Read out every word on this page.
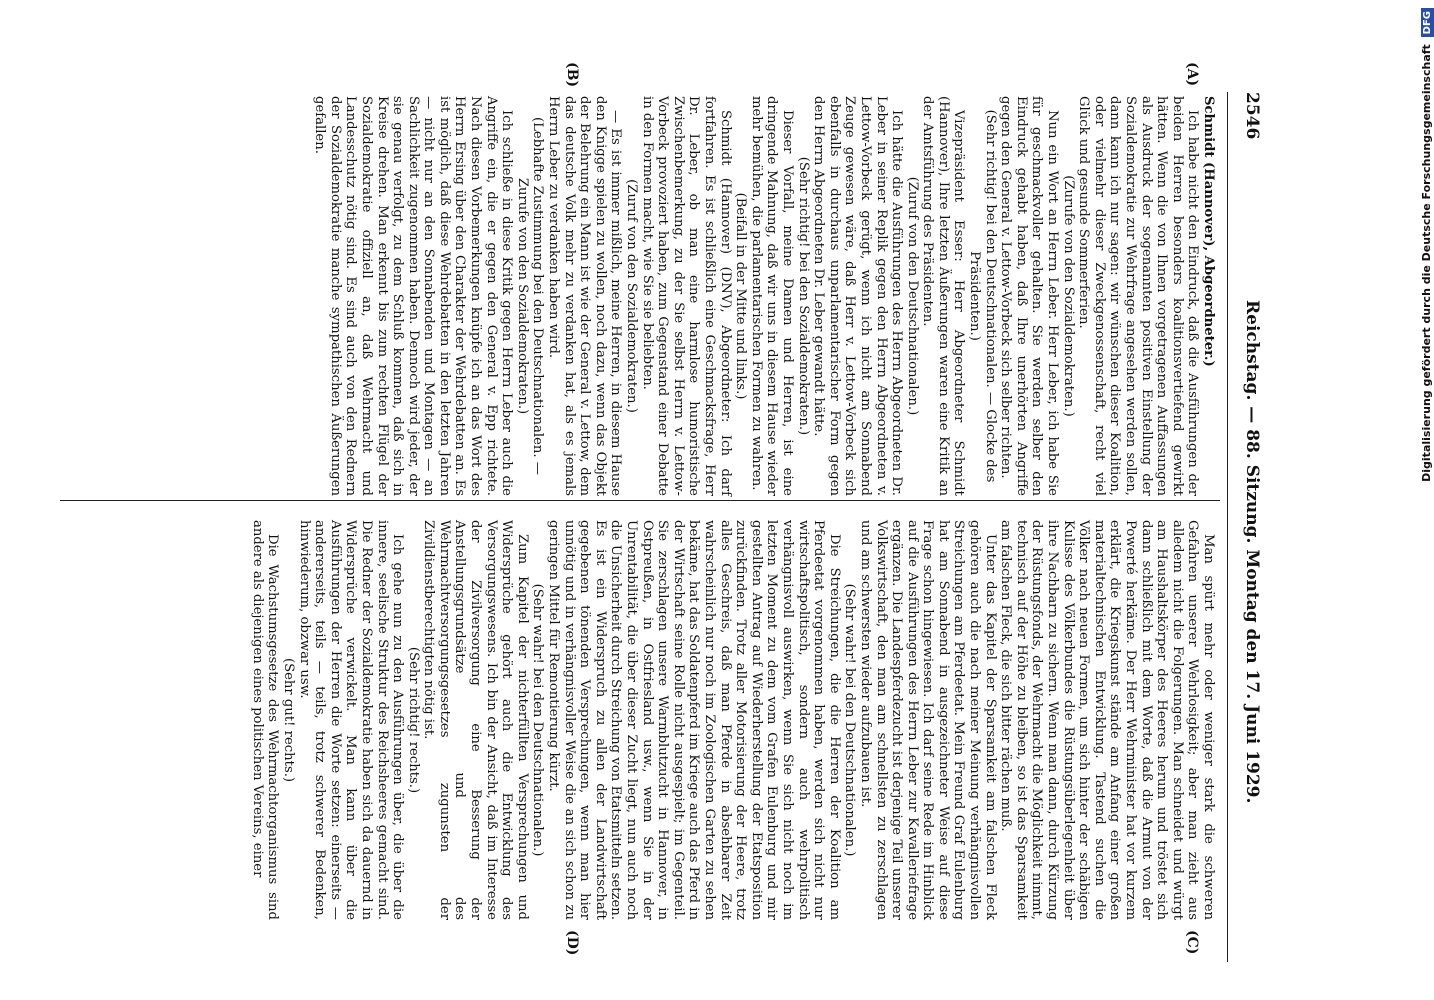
2546
Reichstag. — 88. Sitzung. Montag den 17. Juni 1929.
(A)
(B)
(C)
(D)

Schmidt (Hannover), Abgeordneter.)

Ich habe nicht den Eindruck, daß die Ausführungen der beiden Herren besonders koalitionsvertiefend gewirkt hätten. Wenn die von Ihnen vorgetragenen Auffassungen als Ausdruck der sogenannten positiven Einstellung der Sozialdemokratie zur Wehrfrage angesehen werden sollen, dann kann ich nur sagen: wir wünschen dieser Koalition, oder vielmehr dieser Zweckgenossenschaft, recht viel Glück und gesunde Sommerferien.

(Zurufe von den Sozialdemokraten.)

Nun ein Wort an Herrn Leber. Herr Leber, ich habe Sie für geschmackvoller gehalten. Sie werden selber den Eindruck gehabt haben, daß Ihre unerhörten Angriffe gegen den General v. Lettow-Vorbeck sich selber richten.

(Sehr richtig! bei den Deutschnationalen. — Glocke des Präsidenten.)

Vizepräsident Esser: Herr Abgeordneter Schmidt (Hannover), Ihre letzten Äußerungen waren eine Kritik an der Amtsführung des Präsidenten.

(Zuruf von den Deutschnationalen.)

Ich hätte die Ausführungen des Herrn Abgeordneten Dr. Leber in seiner Replik gegen den Herrn Abgeordneten v. Lettow-Vorbeck gerügt, wenn ich nicht am Sonnabend Zeuge gewesen wäre, daß Herr v. Lettow-Vorbeck sich ebenfalls in durchaus unparlamentarischer Form gegen den Herrn Abgeordneten Dr. Leber gewandt hätte.

(Sehr richtig! bei den Sozialdemokraten.)

Dieser Vorfall, meine Damen und Herren, ist eine dringende Mahnung, daß wir uns in diesem Hause wieder mehr bemühen, die parlamentarischen Formen zu wahren.

(Beifall in der Mitte und links.)

Schmidt (Hannover) (DNV), Abgeordneter: Ich darf fortfahren. Es ist schließlich eine Geschmacksfrage, Herr Dr. Leber, ob man eine harmlose humoristische Zwischenbemerkung, zu der Sie selbst Herrn v. Lettow-Vorbeck provoziert haben, zum Gegenstand einer Debatte in den Formen macht, wie Sie sie beliebten.

(Zuruf von den Sozialdemokraten.)

— Es ist immer mißlich, meine Herren, in diesem Hause den Knigge spielen zu wollen, noch dazu, wenn das Objekt der Belehrung ein Mann ist wie der General v. Lettow, dem das deutsche Volk mehr zu verdanken hat, als es jemals Herrn Leber zu verdanken haben wird.

(Lebhafte Zustimmung bei den Deutschnationalen. — Zurufe von den Sozialdemokraten.)

Ich schließe in diese Kritik gegen Herrn Leber auch die Angriffe ein, die er gegen den General v. Epp richtete. Nach diesen Vorbemerkungen knüpfe ich an das Wort des Herrn Ersing über den Charakter der Wehrdebatten an. Es ist möglich, daß diese Wehrdebatten in den letzten Jahren — nicht nur an den Sonnabenden und Montagen — an Sachlichkeit zugenommen haben. Dennoch wird jeder, der sie genau verfolgt, zu dem Schluß kommen, daß sich in Kreise drehen. Man erkennt bis zum rechten Flügel der Sozialdemokratie offiziell an, daß Wehrmacht und Landesschutz nötig sind. Es sind auch von den Rednern der Sozialdemokratie manche sympathischen Äußerungen gefallen.

Man spürt mehr oder weniger stark die schweren Gefahren unserer Wehrlosigkeit; aber man zieht aus alledem nicht die Folgerungen. Man schneidet und würgt am Haushaltskörper des Heeres herum und tröstet sich dann schließlich mit dem Worte, daß die Armut von der Powerté herkäme. Der Herr Wehrminister hat vor kurzem erklärt, die Kriegskunst stände am Anfang einer großen materialtechnischen Entwicklung. Tastend suchen die Völker nach neuen Formen, um sich hinter der schäbigen Kulisse des Völkerbundes die Rüstungsüberlegenheit über ihre Nachbarn zu sichern. Wenn man dann, durch Kürzung der Rüstungsfonds, der Wehrmacht die Möglichkeit nimmt, technisch auf der Höhe zu bleiben, so ist das Sparsamkeit am falschen Fleck, die sich bitter rächen muß.

Unter das Kapitel der Sparsamkeit am falschen Fleck gehören auch die nach meiner Meinung verhängnisvollen Streichungen am Pferdeetat. Mein Freund Graf Eulenburg hat am Sonnabend in ausgezeichneter Weise auf diese Frage schon hingewiesen. Ich darf seine Rede im Hinblick auf die Ausführungen des Herrn Leber zur Kavalleriefrage ergänzen. Die Landespferdezucht ist derjenige Teil unserer Volkswirtschaft, den man am schnellsten zu zerschlagen und am schwersten wieder aufzubauen ist.

(Sehr wahr! bei den Deutschnationalen.)

Die Streichungen, die die Herren der Koalition am Pferdeetat vorgenommen haben, werden sich nicht nur wirtschaftspolitisch, sondern auch wehrpolitisch verhängnisvoll auswirken, wenn Sie sich nicht noch im letzten Moment zu dem vom Grafen Eulenburg und mir gestellten Antrag auf Wiederherstellung der Etatsposition zurückfinden. Trotz aller Motorisierung der Heere, trotz alles Geschreis, daß man Pferde in absehbarer Zeit wahrscheinlich nur noch im Zoologischen Garten zu sehen bekäme, hat das Soldatenpferd im Kriege auch das Pferd in der Wirtschaft seine Rolle nicht ausgespielt; im Gegenteil. Sie zerschlagen unsere Warmblutzucht in Hannover, in Ostpreußen, in Ostfriesland usw., wenn Sie in der Unrentabilität, die über dieser Zucht liegt, nun auch noch die Unsicherheit durch Streichung von Etatsmitteln setzen. Es ist ein Widerspruch zu allen der Landwirtschaft gegebenen tönenden Versprechungen, wenn man hier unnötig und in verhängnisvoller Weise die an sich schon zu geringen Mittel für Remontierung kürzt.

(Sehr wahr! bei den Deutschnationalen.)

Zum Kapitel der nichterfüllten Versprechungen und Widersprüche gehört auch die Entwicklung des Versorgungswesens. Ich bin der Ansicht, daß im Interesse der Zivilversorgung eine Besserung der Anstellungsgrundsätze und des Wehrmachtversorgungsgesetzes zugunsten der Zivildienstberechtigten nötig ist.

(Sehr richtig! rechts.)

Ich gehe nun zu den Ausführungen über, die über die innere, seelische Struktur des Reichsheeres gemacht sind. Die Redner der Sozialdemokratie haben sich da dauernd in Widersprüche verwickelt. Man kann über die Ausführungen der Herren die Worte setzen: einerseits — andererseits, teils — teils, trotz schwerer Bedenken, hinwiederum, obzwar usw.

(Sehr gut! rechts.)

Die Wachstumsgesetze des Wehrmachtorganismus sind andere als diejenigen eines politischen Vereins, einer

Digitalisierung gefördert durch die Deutsche Forschungsgemeinschaft DFG
